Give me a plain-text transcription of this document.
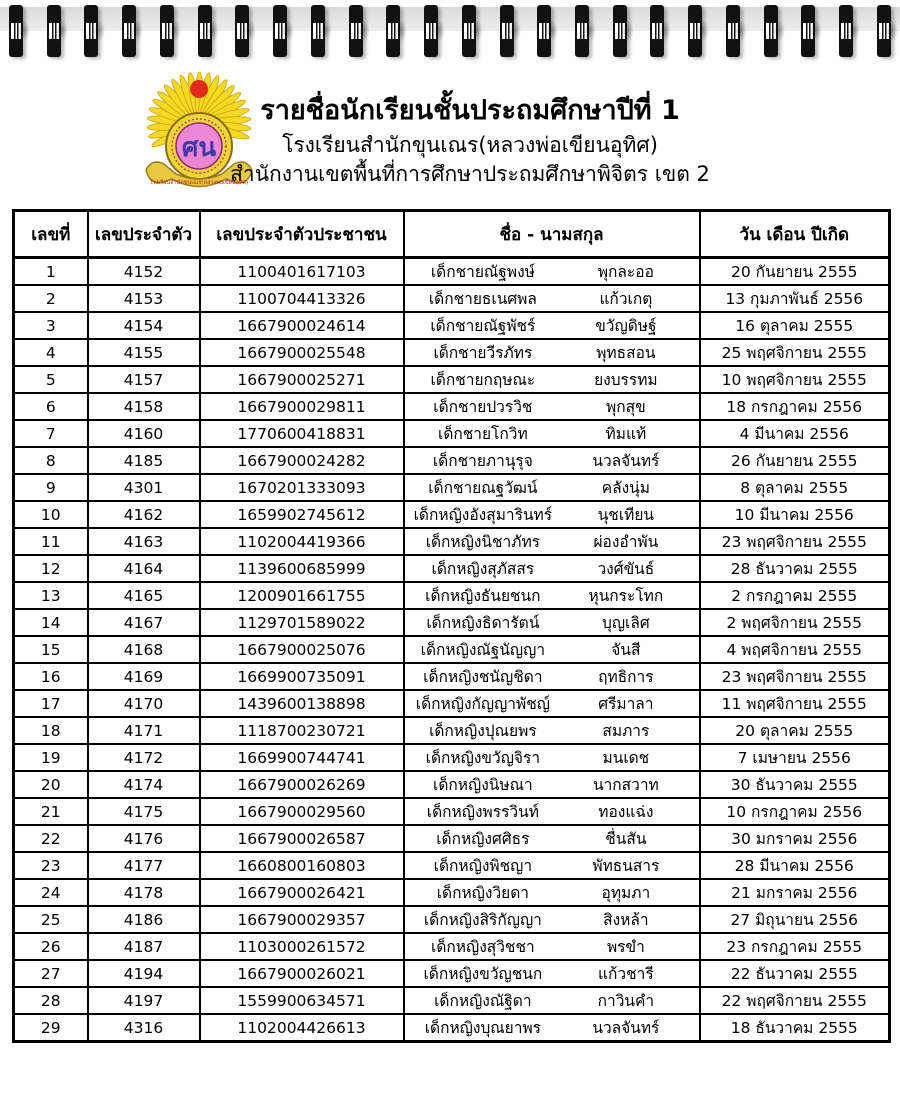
ศน
โรงเรียนสำนักขุนเณร(หลวงพ่อเขียนอุทิศ)
รายชื่อนักเรียนชั้นประถมศึกษาปีที่ 1
โรงเรียนสำนักขุนเณร(หลวงพ่อเขียนอุทิศ)
สำนักงานเขตพื้นที่การศึกษาประถมศึกษาพิจิตร เขต 2
เลขที่	เลขประจำตัว	เลขประจำตัวประชาชน	ชื่อ - นามสกุล	วัน เดือน ปีเกิด
1	4152	1100401617103	เด็กชายณัฐพงษ์ พุกละออ	20 กันยายน 2555
2	4153	1100704413326	เด็กชายธเนศพล แก้วเกตุ	13 กุมภาพันธ์ 2556
3	4154	1667900024614	เด็กชายณัฐพัชร์ ขวัญดิษฐ์	16 ตุลาคม 2555
4	4155	1667900025548	เด็กชายวีรภัทร พุทธสอน	25 พฤศจิกายน 2555
5	4157	1667900025271	เด็กชายกฤษณะ ยงบรรทม	10 พฤศจิกายน 2555
6	4158	1667900029811	เด็กชายปวรวิช พุกสุข	18 กรกฎาคม 2556
7	4160	1770600418831	เด็กชายโกวิท ทิมแท้	4 มีนาคม 2556
8	4185	1667900024282	เด็กชายภานุรุจ นวลจันทร์	26 กันยายน 2555
9	4301	1670201333093	เด็กชายณฐวัฒน์ คลังนุ่ม	8 ตุลาคม 2555
10	4162	1659902745612	เด็กหญิงอังสุมารินทร์ นุชเทียน	10 มีนาคม 2556
11	4163	1102004419366	เด็กหญิงนิชาภัทร ผ่องอำพัน	23 พฤศจิกายน 2555
12	4164	1139600685999	เด็กหญิงสุภัสสร วงศ์ขันธ์	28 ธันวาคม 2555
13	4165	1200901661755	เด็กหญิงธันยชนก หุนกระโทก	2 กรกฎาคม 2555
14	4167	1129701589022	เด็กหญิงธิดารัตน์ บุญเลิศ	2 พฤศจิกายน 2555
15	4168	1667900025076	เด็กหญิงณัฐนัญญา จันสี	4 พฤศจิกายน 2555
16	4169	1669900735091	เด็กหญิงชนัญชิดา ฤทธิการ	23 พฤศจิกายน 2555
17	4170	1439600138898	เด็กหญิงกัญญาพัชญ์ ศรีมาลา	11 พฤศจิกายน 2555
18	4171	1118700230721	เด็กหญิงปุณยพร สมภาร	20 ตุลาคม 2555
19	4172	1669900744741	เด็กหญิงขวัญจิรา มนเดช	7 เมษายน 2556
20	4174	1667900026269	เด็กหญิงนิษณา นากสวาท	30 ธันวาคม 2555
21	4175	1667900029560	เด็กหญิงพรรวินท์ ทองแฉ่ง	10 กรกฎาคม 2556
22	4176	1667900026587	เด็กหญิงศศิธร ชื่นสัน	30 มกราคม 2556
23	4177	1660800160803	เด็กหญิงพิชญา พัทธนสาร	28 มีนาคม 2556
24	4178	1667900026421	เด็กหญิงวิยดา อุทุมภา	21 มกราคม 2556
25	4186	1667900029357	เด็กหญิงสิริกัญญา สิงหล้า	27 มิถุนายน 2556
26	4187	1103000261572	เด็กหญิงสุวิชชา พรขำ	23 กรกฎาคม 2555
27	4194	1667900026021	เด็กหญิงขวัญชนก แก้วชารี	22 ธันวาคม 2555
28	4197	1559900634571	เด็กหญิงณัฐิดา กาวินคำ	22 พฤศจิกายน 2555
29	4316	1102004426613	เด็กหญิงบุณยาพร นวลจันทร์	18 ธันวาคม 2555
